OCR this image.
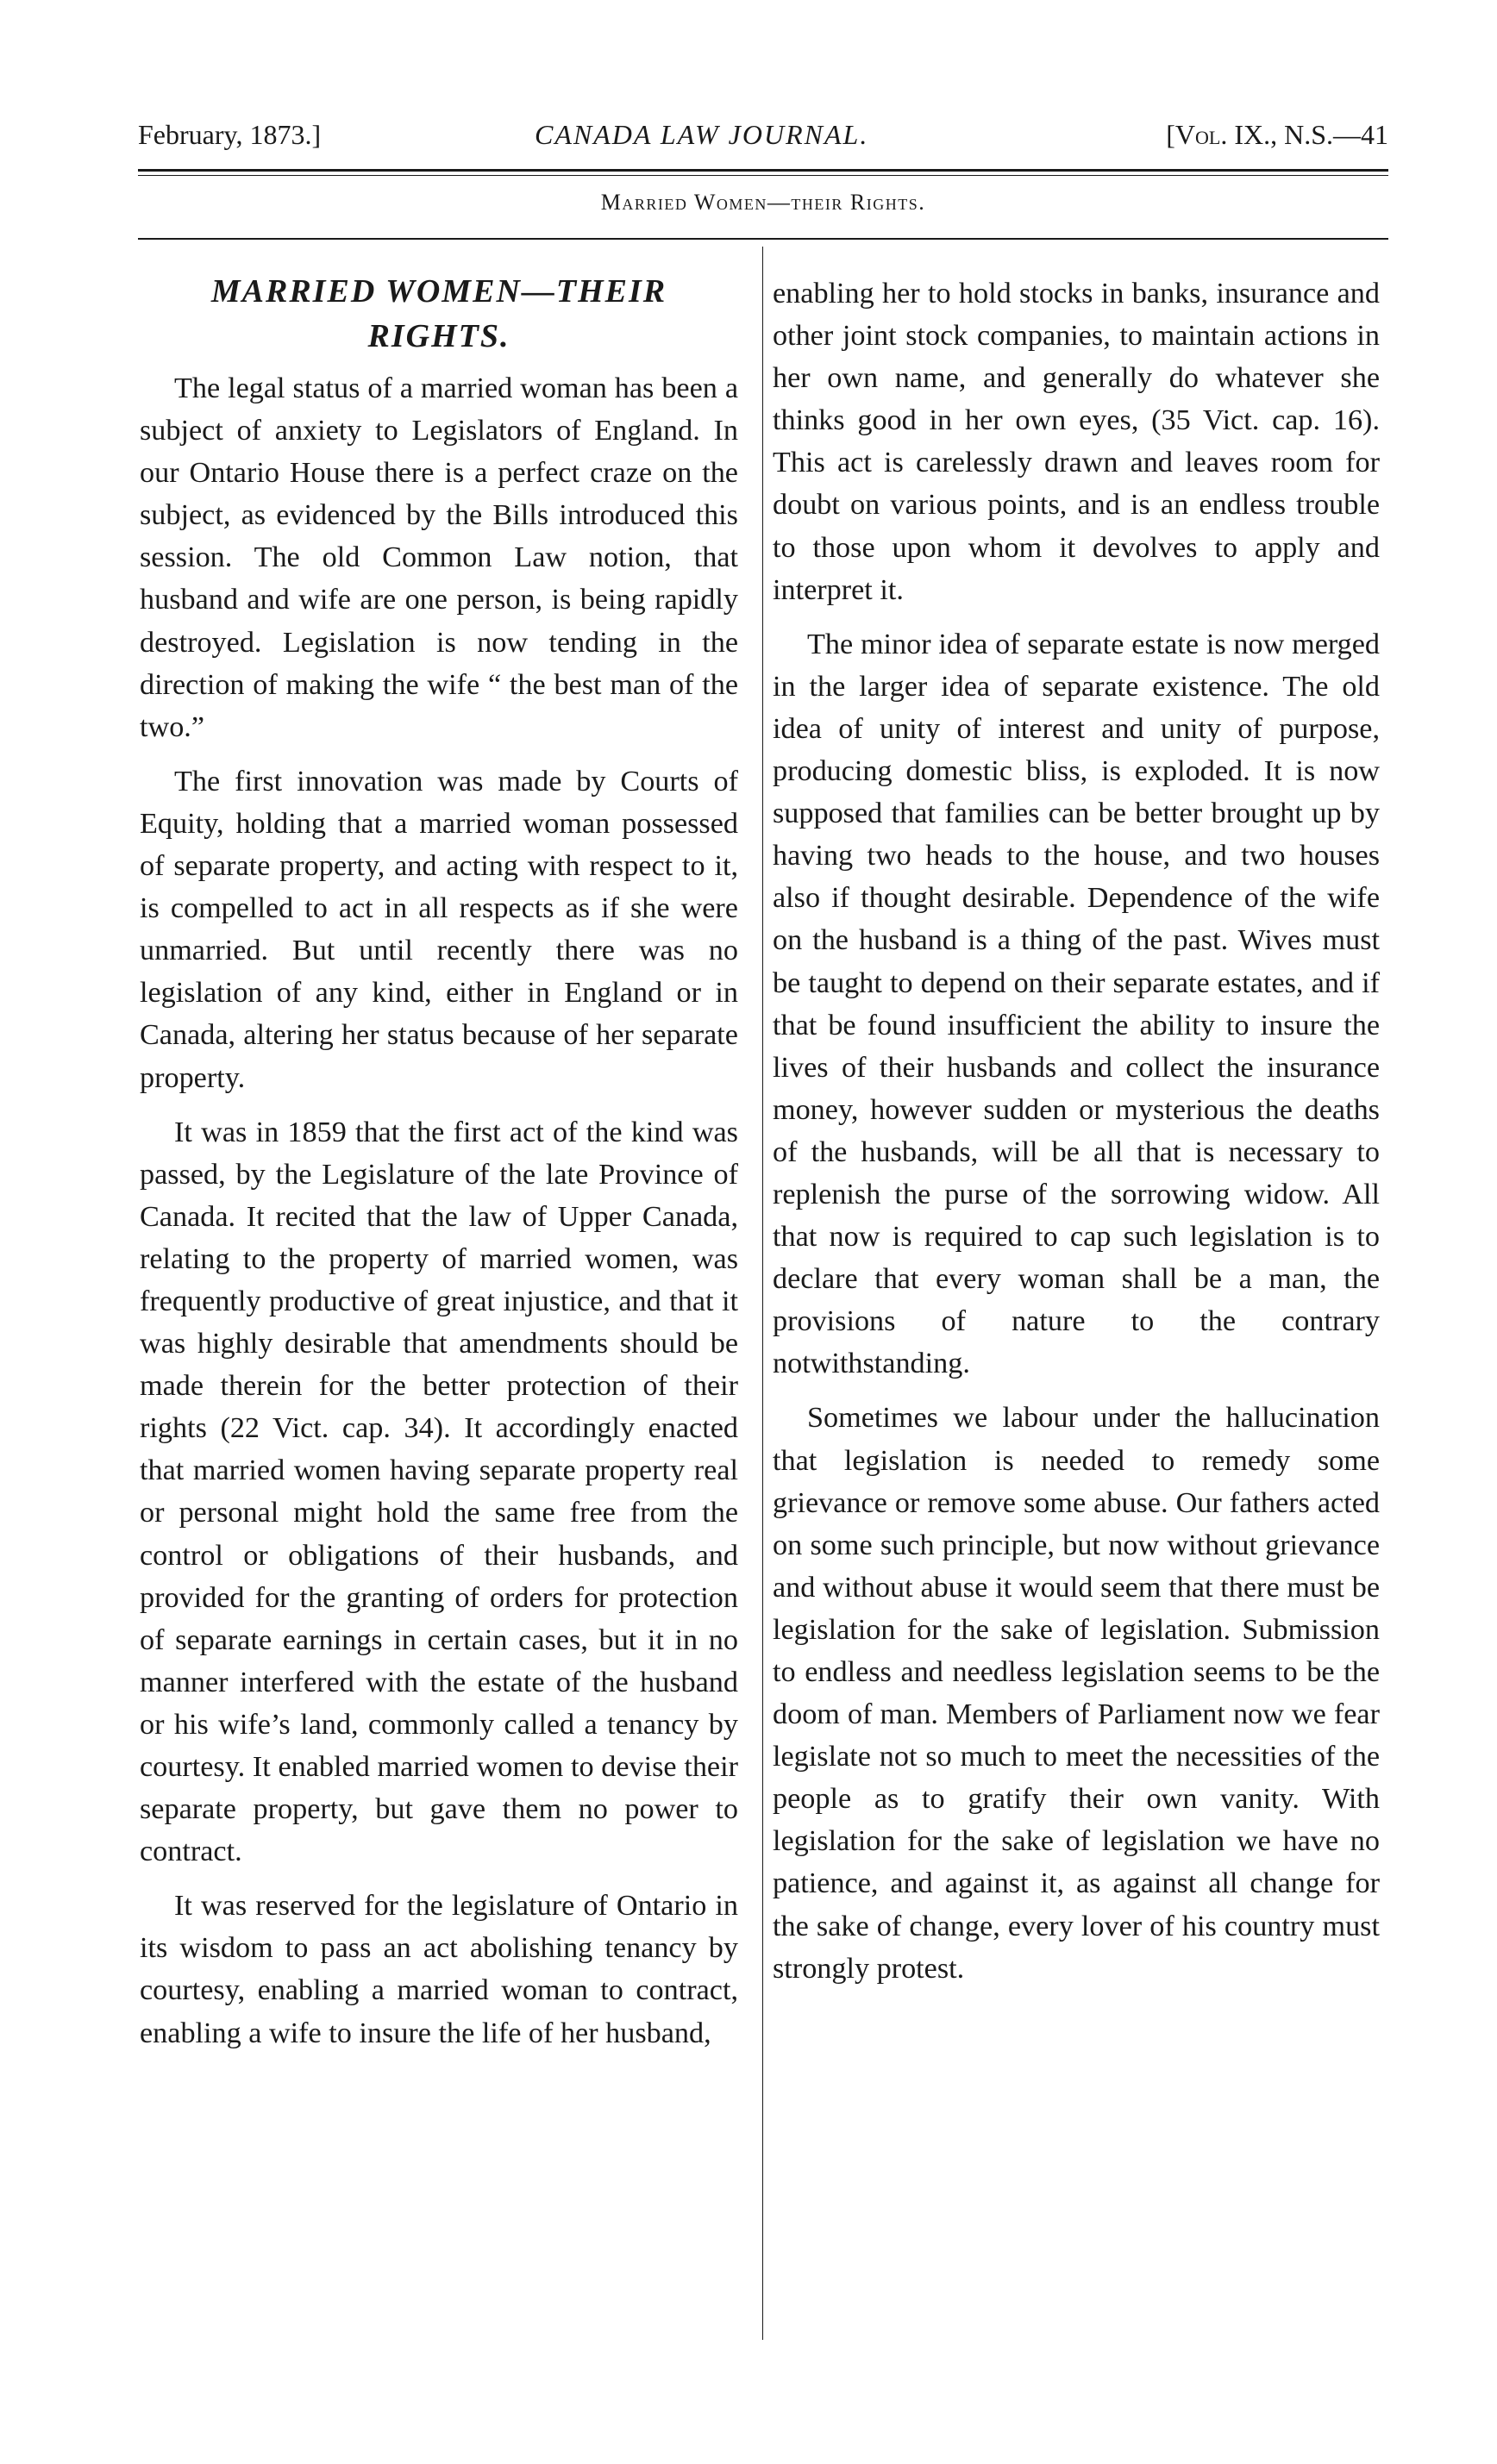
February, 1873.]	CANADA LAW JOURNAL.	[Vol. IX., N.S.—41
Married Women—their Rights.
MARRIED WOMEN—THEIR RIGHTS.

The legal status of a married woman has been a subject of anxiety to Legislators of England. In our Ontario House there is a perfect craze on the subject, as evidenced by the Bills introduced this session. The old Common Law notion, that husband and wife are one person, is being rapidly destroyed. Legislation is now tending in the direction of making the wife “ the best man of the two.”

The first innovation was made by Courts of Equity, holding that a married woman possessed of separate property, and acting with respect to it, is compelled to act in all respects as if she were unmarried. But until recently there was no legislation of any kind, either in England or in Canada, altering her status because of her separate property.

It was in 1859 that the first act of the kind was passed, by the Legislature of the late Province of Canada. It recited that the law of Upper Canada, relating to the property of married women, was frequently productive of great injustice, and that it was highly desirable that amendments should be made therein for the better protection of their rights (22 Vict. cap. 34). It accordingly enacted that married women having separate property real or personal might hold the same free from the control or obligations of their husbands, and provided for the granting of orders for protection of separate earnings in certain cases, but it in no manner interfered with the estate of the husband or his wife’s land, commonly called a tenancy by courtesy. It enabled married women to devise their separate property, but gave them no power to contract.

It was reserved for the legislature of Ontario in its wisdom to pass an act abolishing tenancy by courtesy, enabling a married woman to contract, enabling a wife to insure the life of her husband,

enabling her to hold stocks in banks, insurance and other joint stock companies, to maintain actions in her own name, and generally do whatever she thinks good in her own eyes, (35 Vict. cap. 16). This act is carelessly drawn and leaves room for doubt on various points, and is an endless trouble to those upon whom it devolves to apply and interpret it.

The minor idea of separate estate is now merged in the larger idea of separate existence. The old idea of unity of interest and unity of purpose, producing domestic bliss, is exploded. It is now supposed that families can be better brought up by having two heads to the house, and two houses also if thought desirable. Dependence of the wife on the husband is a thing of the past. Wives must be taught to depend on their separate estates, and if that be found insufficient the ability to insure the lives of their husbands and collect the insurance money, however sudden or mysterious the deaths of the husbands, will be all that is necessary to replenish the purse of the sorrowing widow. All that now is required to cap such legislation is to declare that every woman shall be a man, the provisions of nature to the contrary notwithstanding.

Sometimes we labour under the hallucination that legislation is needed to remedy some grievance or remove some abuse. Our fathers acted on some such principle, but now without grievance and without abuse it would seem that there must be legislation for the sake of legislation. Submission to endless and needless legislation seems to be the doom of man. Members of Parliament now we fear legislate not so much to meet the necessities of the people as to gratify their own vanity. With legislation for the sake of legislation we have no patience, and against it, as against all change for the sake of change, every lover of his country must strongly protest.
